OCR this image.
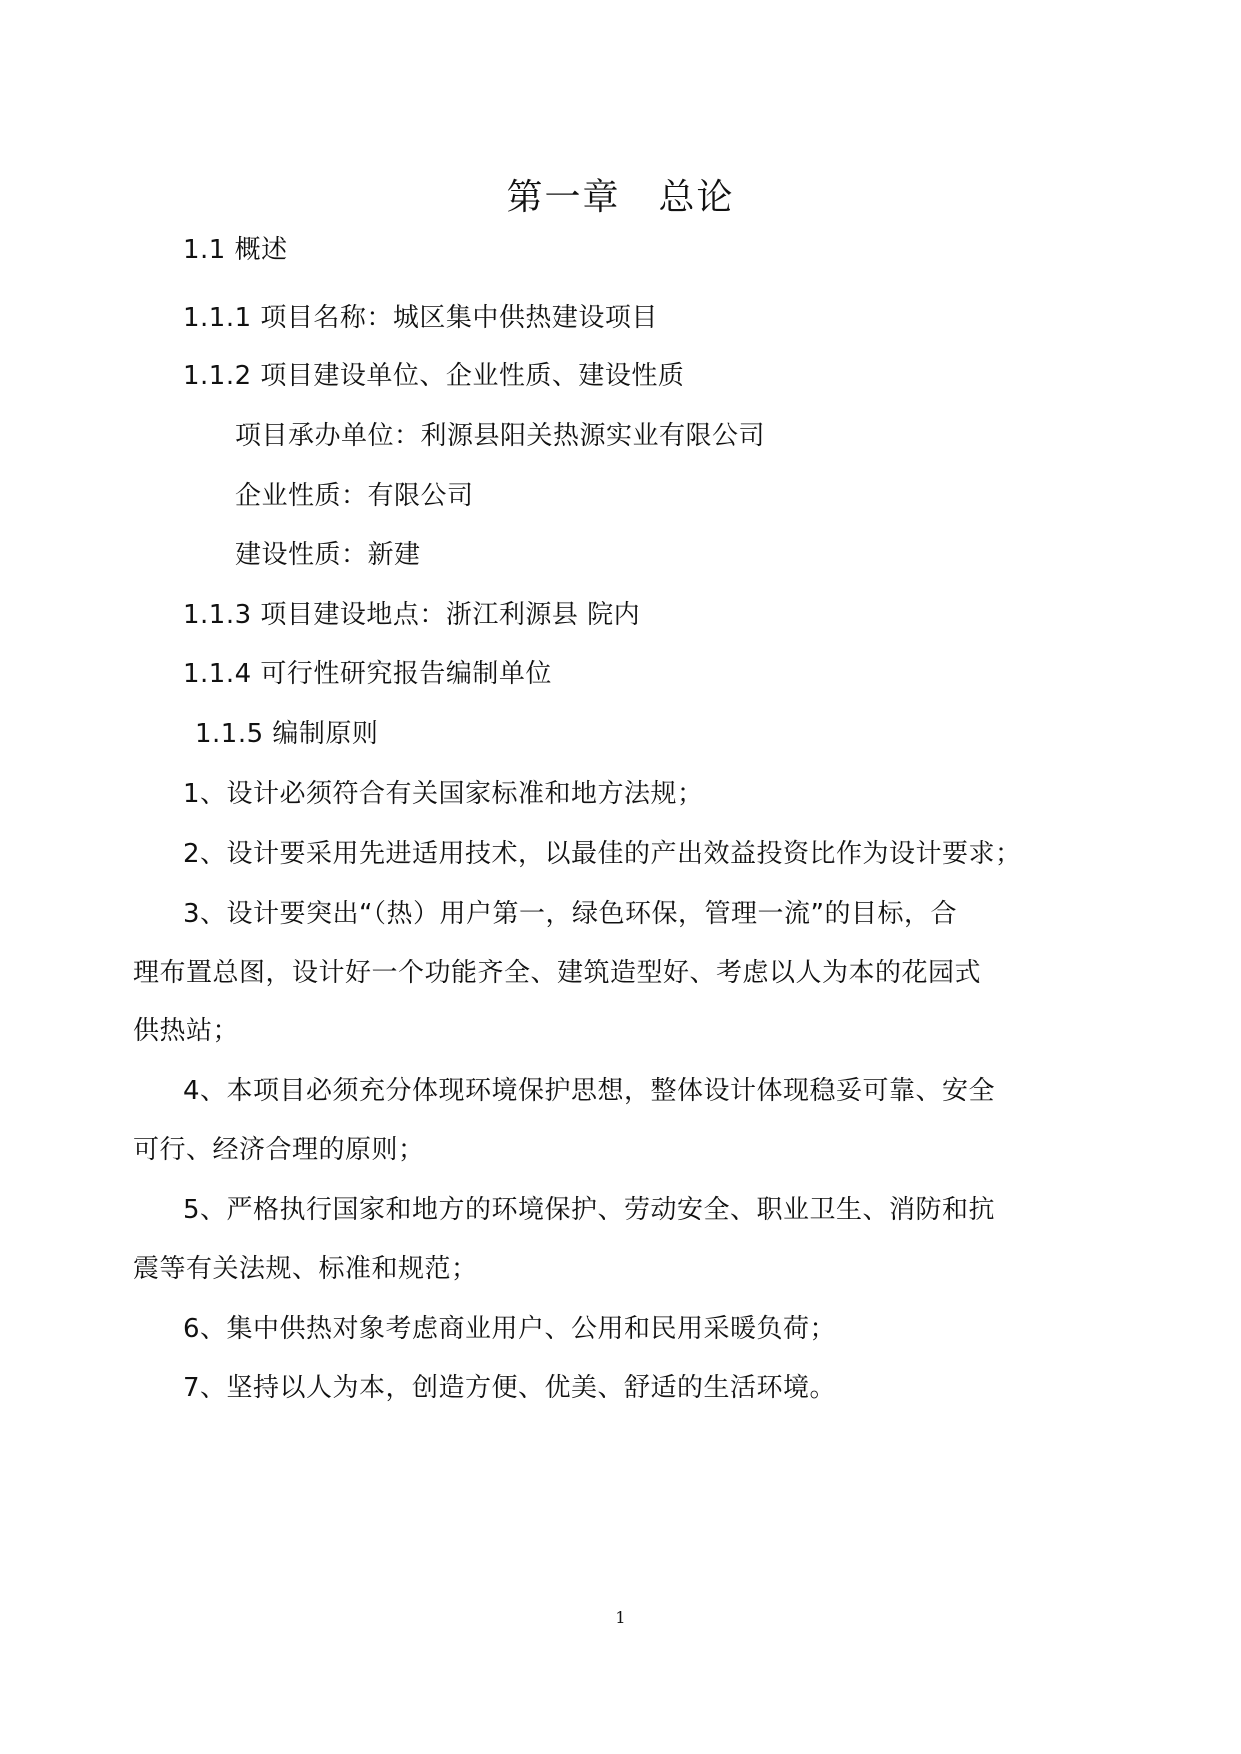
第一章　总论
1.1 概述
1.1.1 项目名称：城区集中供热建设项目
1.1.2 项目建设单位、企业性质、建设性质
项目承办单位：利源县阳关热源实业有限公司
企业性质：有限公司
建设性质：新建
1.1.3 项目建设地点：浙江利源县 院内
1.1.4 可行性研究报告编制单位
1.1.5 编制原则
1、设计必须符合有关国家标准和地方法规；
2、设计要采用先进适用技术，以最佳的产出效益投资比作为设计要求；
3、设计要突出“（热）用户第一，绿色环保，管理一流”的目标，合
理布置总图，设计好一个功能齐全、建筑造型好、考虑以人为本的花园式
供热站；
4、本项目必须充分体现环境保护思想，整体设计体现稳妥可靠、安全
可行、经济合理的原则；
5、严格执行国家和地方的环境保护、劳动安全、职业卫生、消防和抗
震等有关法规、标准和规范；
6、集中供热对象考虑商业用户、公用和民用采暖负荷；
7、坚持以人为本，创造方便、优美、舒适的生活环境。
1
